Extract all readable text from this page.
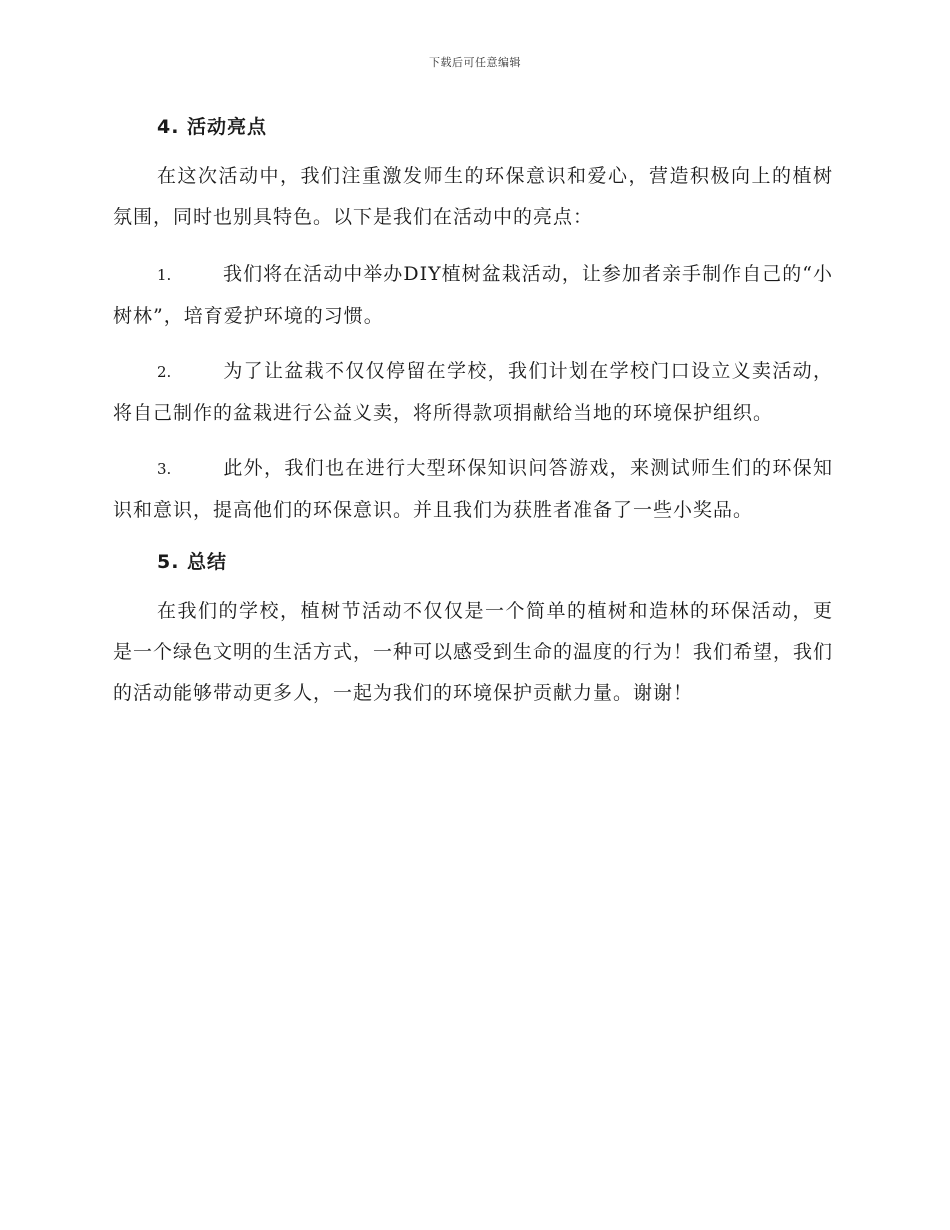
下载后可任意编辑
4. 活动亮点

在这次活动中，我们注重激发师生的环保意识和爱心，营造积极向上的植树氛围，同时也别具特色。以下是我们在活动中的亮点：

1.	我们将在活动中举办DIY植树盆栽活动，让参加者亲手制作自己的“小树林”，培育爱护环境的习惯。
2.	为了让盆栽不仅仅停留在学校，我们计划在学校门口设立义卖活动，将自己制作的盆栽进行公益义卖，将所得款项捐献给当地的环境保护组织。
3.	此外，我们也在进行大型环保知识问答游戏，来测试师生们的环保知识和意识，提高他们的环保意识。并且我们为获胜者准备了一些小奖品。
5. 总结

在我们的学校，植树节活动不仅仅是一个简单的植树和造林的环保活动，更是一个绿色文明的生活方式，一种可以感受到生命的温度的行为！我们希望，我们的活动能够带动更多人，一起为我们的环境保护贡献力量。谢谢！
